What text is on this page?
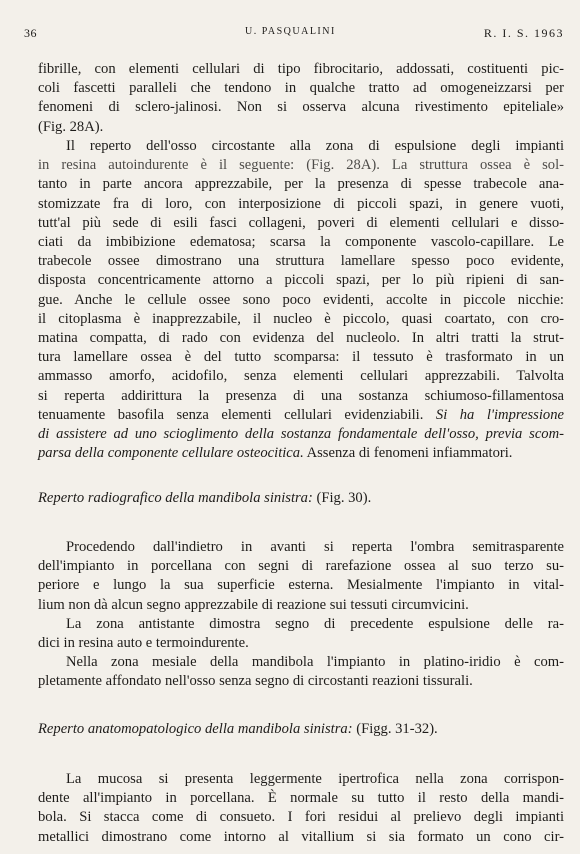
36	U. PASQUALINI	R. I. S. 1963
fibrille, con elementi cellulari di tipo fibrocitario, addossati, costituenti pic-
coli fascetti paralleli che tendono in qualche tratto ad omogeneizzarsi per
fenomeni di sclero-jalinosi. Non si osserva alcuna rivestimento epiteliale»
(Fig. 28A).
Il reperto dell'osso circostante alla zona di espulsione degli impianti
in resina autoindurente è il seguente: (Fig. 28A). La struttura ossea è sol-
tanto in parte ancora apprezzabile, per la presenza di spesse trabecole ana-
stomizzate fra di loro, con interposizione di piccoli spazi, in genere vuoti,
tutt'al più sede di esili fasci collageni, poveri di elementi cellulari e disso-
ciati da imbibizione edematosa; scarsa la componente vascolo-capillare. Le
trabecole ossee dimostrano una struttura lamellare spesso poco evidente,
disposta concentricamente attorno a piccoli spazi, per lo più ripieni di san-
gue. Anche le cellule ossee sono poco evidenti, accolte in piccole nicchie:
il citoplasma è inapprezzabile, il nucleo è piccolo, quasi coartato, con cro-
matina compatta, di rado con evidenza del nucleolo. In altri tratti la strut-
tura lamellare ossea è del tutto scomparsa: il tessuto è trasformato in un
ammasso amorfo, acidofilo, senza elementi cellulari apprezzabili. Talvolta
si reperta addirittura la presenza di una sostanza schiumoso-fillamentosa
tenuamente basofila senza elementi cellulari evidenziabili. Si ha l'impressione
di assistere ad uno scioglimento della sostanza fondamentale dell'osso, previa scom-
parsa della componente cellulare osteocitica. Assenza di fenomeni infiammatori.
Reperto radiografico della mandibola sinistra: (Fig. 30).
Procedendo dall'indietro in avanti si reperta l'ombra semitrasparente
dell'impianto in porcellana con segni di rarefazione ossea al suo terzo su-
periore e lungo la sua superficie esterna. Mesialmente l'impianto in vital-
lium non dà alcun segno apprezzabile di reazione sui tessuti circumvicini.
La zona antistante dimostra segno di precedente espulsione delle ra-
dici in resina auto e termoindurente.
Nella zona mesiale della mandibola l'impianto in platino-iridio è com-
pletamente affondato nell'osso senza segno di circostanti reazioni tissurali.
Reperto anatomopatologico della mandibola sinistra: (Figg. 31-32).
La mucosa si presenta leggermente ipertrofica nella zona corrispon-
dente all'impianto in porcellana. È normale su tutto il resto della mandi-
bola. Si stacca come di consueto. I fori residui al prelievo degli impianti
metallici dimostrano come intorno al vitallium si sia formato un cono cir-
